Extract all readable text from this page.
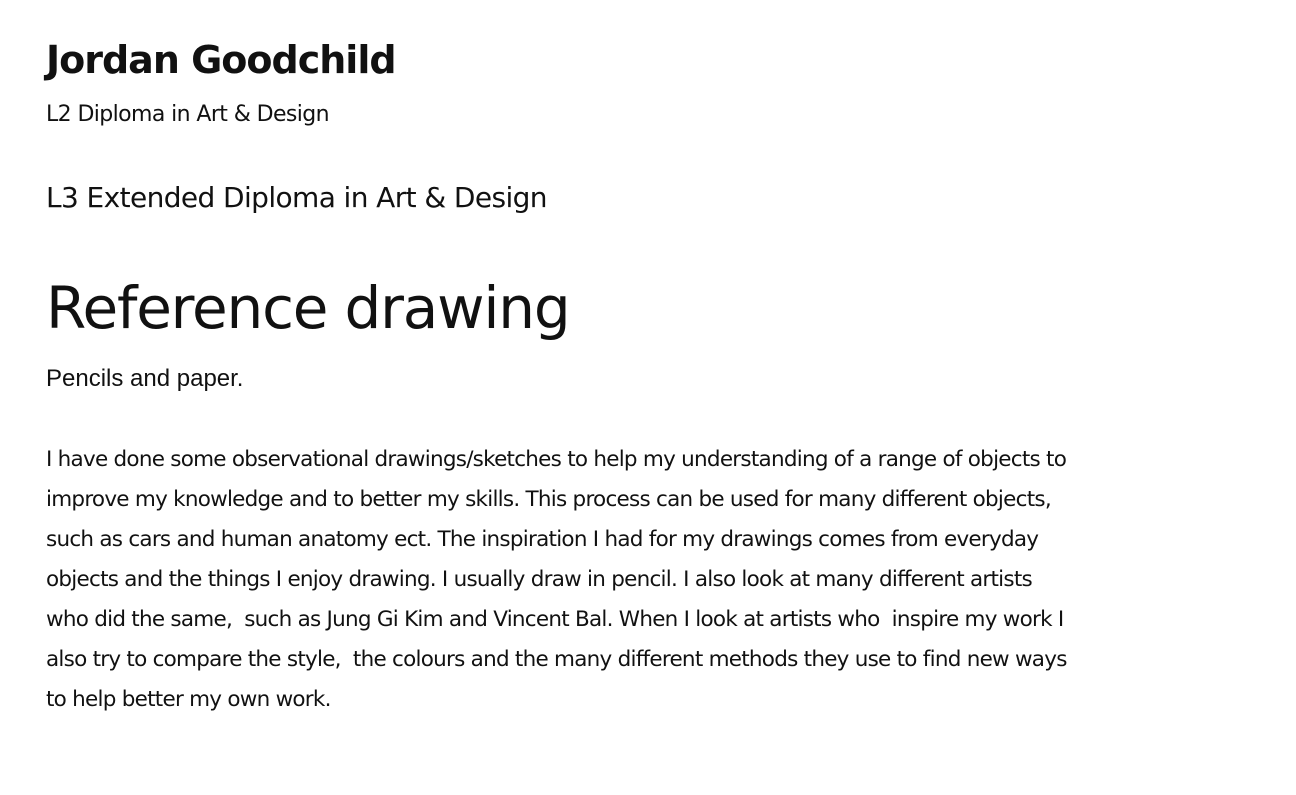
Jordan Goodchild

L2 Diploma in Art & Design

L3 Extended Diploma in Art & Design

Reference drawing

Pencils and paper.

I have done some observational drawings/sketches to help my understanding of a range of objects to
improve my knowledge and to better my skills. This process can be used for many different objects,
such as cars and human anatomy ect. The inspiration I had for my drawings comes from everyday
objects and the things I enjoy drawing. I usually draw in pencil. I also look at many different artists
who did the same,  such as Jung Gi Kim and Vincent Bal. When I look at artists who  inspire my work I
also try to compare the style,  the colours and the many different methods they use to find new ways
to help better my own work.
